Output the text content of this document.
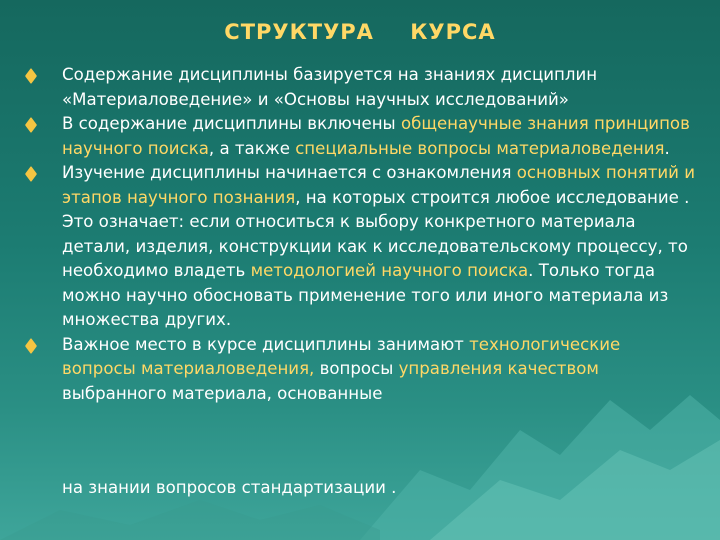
СТРУКТУРА КУРСА
Содержание дисциплины базируется на знаниях дисциплин «Материаловедение» и «Основы научных исследований»
В содержание дисциплины включены общенаучные знания принципов научного поиска, а также специальные вопросы материаловедения.
Изучение дисциплины начинается с ознакомления основных понятий и этапов научного познания, на которых строится любое исследование . Это означает: если относиться к выбору конкретного материала детали, изделия, конструкции как к исследовательскому процессу, то необходимо владеть методологией научного поиска. Только тогда можно научно обосновать применение того или иного материала из множества других.
Важное место в курсе дисциплины занимают технологические вопросы материаловедения, вопросы управления качеством выбранного материала, основанные
на знании вопросов стандартизации .
